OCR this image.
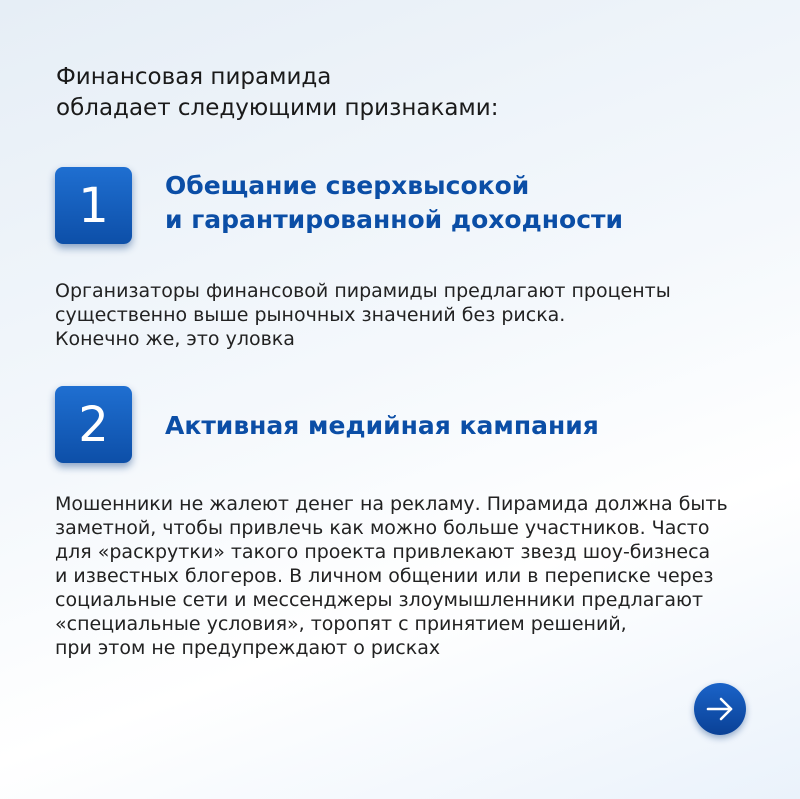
Финансовая пирамида
обладает следующими признаками:
1	Обещание сверхвысокой
и гарантированной доходности

Организаторы финансовой пирамиды предлагают проценты
существенно выше рыночных значений без риска.
Конечно же, это уловка

2	Активная медийная кампания

Мошенники не жалеют денег на рекламу. Пирамида должна быть
заметной, чтобы привлечь как можно больше участников. Часто
для «раскрутки» такого проекта привлекают звезд шоу-бизнеса
и известных блогеров. В личном общении или в переписке через
социальные сети и мессенджеры злоумышленники предлагают
«специальные условия», торопят с принятием решений,
при этом не предупреждают о рисках
